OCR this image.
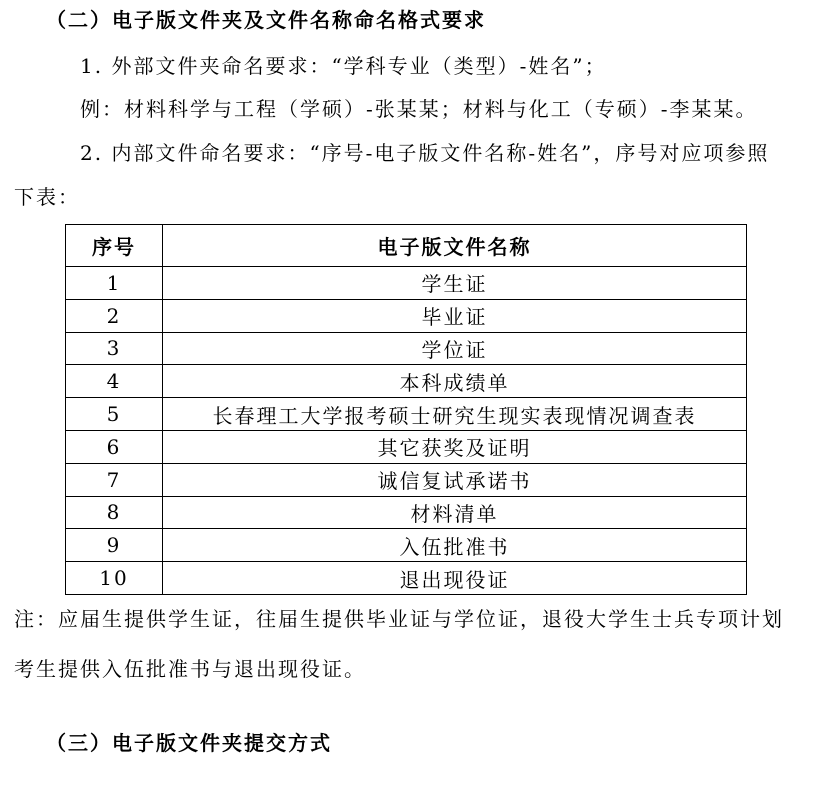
（二）电子版文件夹及文件名称命名格式要求
1. 外部文件夹命名要求：“学科专业（类型）-姓名”；
例：材料科学与工程（学硕）-张某某；材料与化工（专硕）-李某某。
2. 内部文件命名要求：“序号-电子版文件名称-姓名”，序号对应项参照
下表：
序号	电子版文件名称
1	学生证
2	毕业证
3	学位证
4	本科成绩单
5	长春理工大学报考硕士研究生现实表现情况调查表
6	其它获奖及证明
7	诚信复试承诺书
8	材料清单
9	入伍批准书
10	退出现役证
注：应届生提供学生证，往届生提供毕业证与学位证，退役大学生士兵专项计划
考生提供入伍批准书与退出现役证。
（三）电子版文件夹提交方式
